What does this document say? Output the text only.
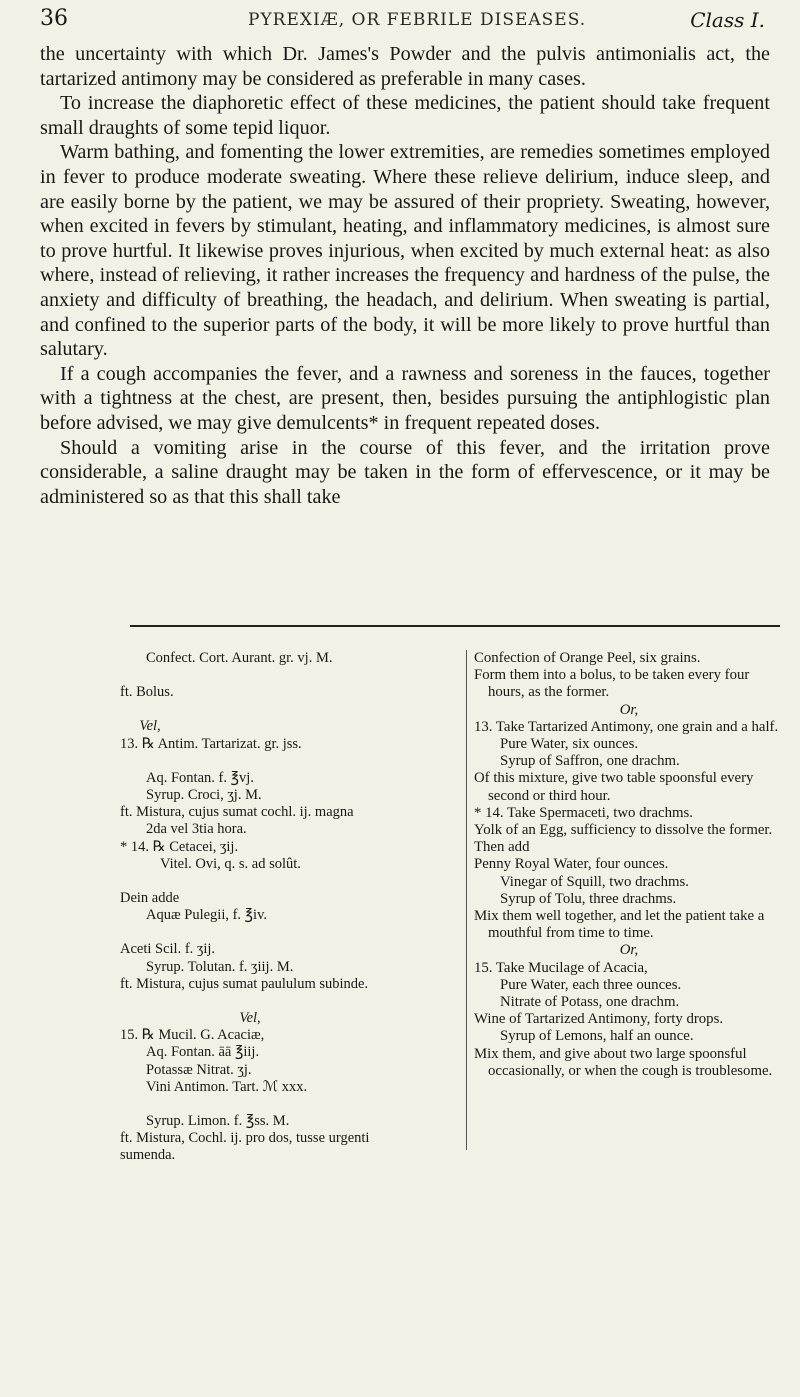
36	PYREXIÆ, OR FEBRILE DISEASES.	Class I.

the uncertainty with which Dr. James's Powder and the pulvis antimonialis act, the tartarized antimony may be considered as preferable in many cases.

To increase the diaphoretic effect of these medicines, the patient should take frequent small draughts of some tepid liquor.

Warm bathing, and fomenting the lower extremities, are remedies sometimes employed in fever to produce moderate sweating. Where these relieve delirium, induce sleep, and are easily borne by the patient, we may be assured of their propriety. Sweating, however, when excited in fevers by stimulant, heating, and inflammatory medicines, is almost sure to prove hurtful. It likewise proves injurious, when excited by much external heat: as also where, instead of relieving, it rather increases the frequency and hardness of the pulse, the anxiety and difficulty of breathing, the headach, and delirium. When sweating is partial, and confined to the superior parts of the body, it will be more likely to prove hurtful than salutary.

If a cough accompanies the fever, and a rawness and soreness in the fauces, together with a tightness at the chest, are present, then, besides pursuing the antiphlogistic plan before advised, we may give demulcents* in frequent repeated doses.

Should a vomiting arise in the course of this fever, and the irritation prove considerable, a saline draught may be taken in the form of effervescence, or it may be administered so as that this shall take

Confect. Cort. Aurant. gr. vj. M.
ft. Bolus.
Vel,
13. ℞ Antim. Tartarizat. gr. jss.
Aq. Fontan. f. ℥vj.
Syrup. Croci, ʒj. M.
ft. Mistura, cujus sumat cochl. ij. magna
2da vel 3tia hora.
* 14. ℞ Cetacei, ʒij.
Vitel. Ovi, q. s. ad solût.
Dein adde
Aquæ Pulegii, f. ℥iv.
Aceti Scil. f. ʒij.
Syrup. Tolutan. f. ʒiij. M.
ft. Mistura, cujus sumat paululum subinde.
Vel,
15. ℞ Mucil. G. Acaciæ,
Aq. Fontan. āā ℥iij.
Potassæ Nitrat. ʒj.
Vini Antimon. Tart. ℳ xxx.
Syrup. Limon. f. ℥ss. M.
ft. Mistura, Cochl. ij. pro dos, tusse urgenti
sumenda.
Confection of Orange Peel, six grains.
Form them into a bolus, to be taken every four hours, as the former.
Or,
13. Take Tartarized Antimony, one grain and a half.
Pure Water, six ounces.
Syrup of Saffron, one drachm.
Of this mixture, give two table spoonsful every second or third hour.
* 14. Take Spermaceti, two drachms.
Yolk of an Egg, sufficiency to dissolve the former.
Then add
Penny Royal Water, four ounces.
Vinegar of Squill, two drachms.
Syrup of Tolu, three drachms.
Mix them well together, and let the patient take a mouthful from time to time.
Or,
15. Take Mucilage of Acacia,
Pure Water, each three ounces.
Nitrate of Potass, one drachm.
Wine of Tartarized Antimony, forty drops.
Syrup of Lemons, half an ounce.
Mix them, and give about two large spoonsful occasionally, or when the cough is troublesome.
